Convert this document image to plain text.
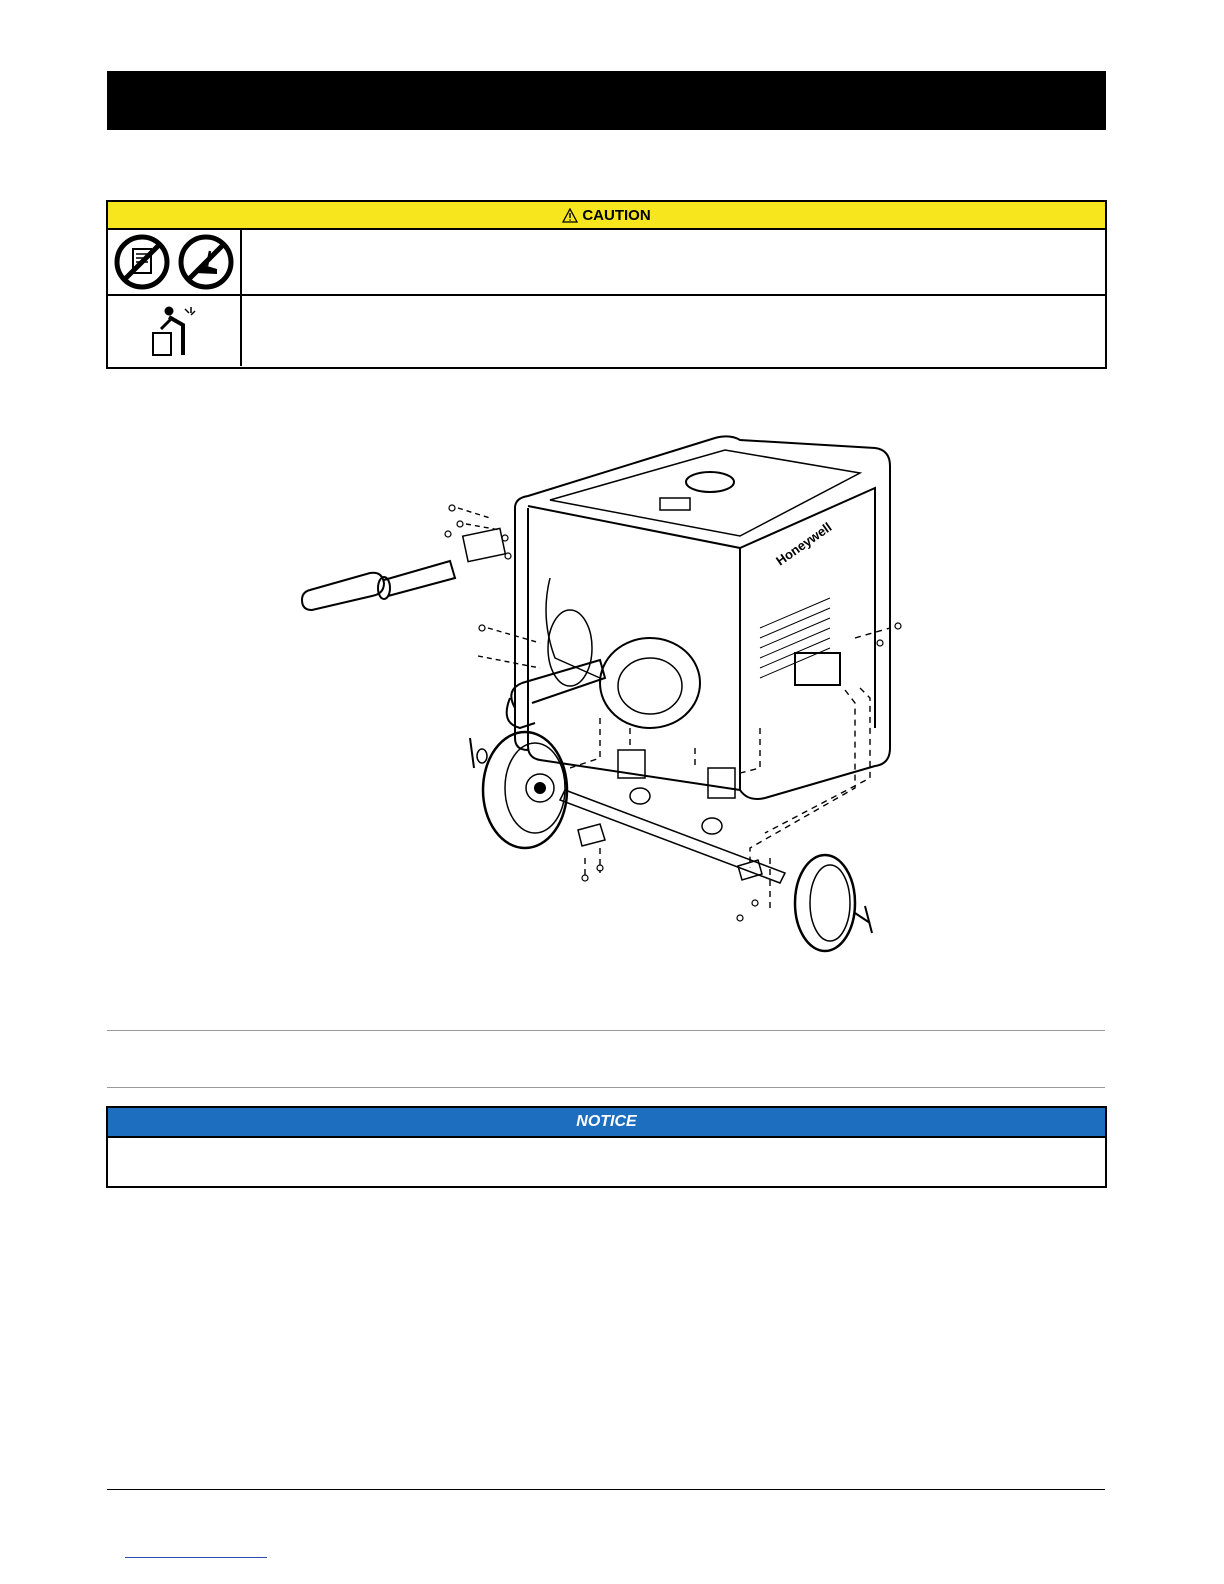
CAUTION
Honeywell
NOTICE
